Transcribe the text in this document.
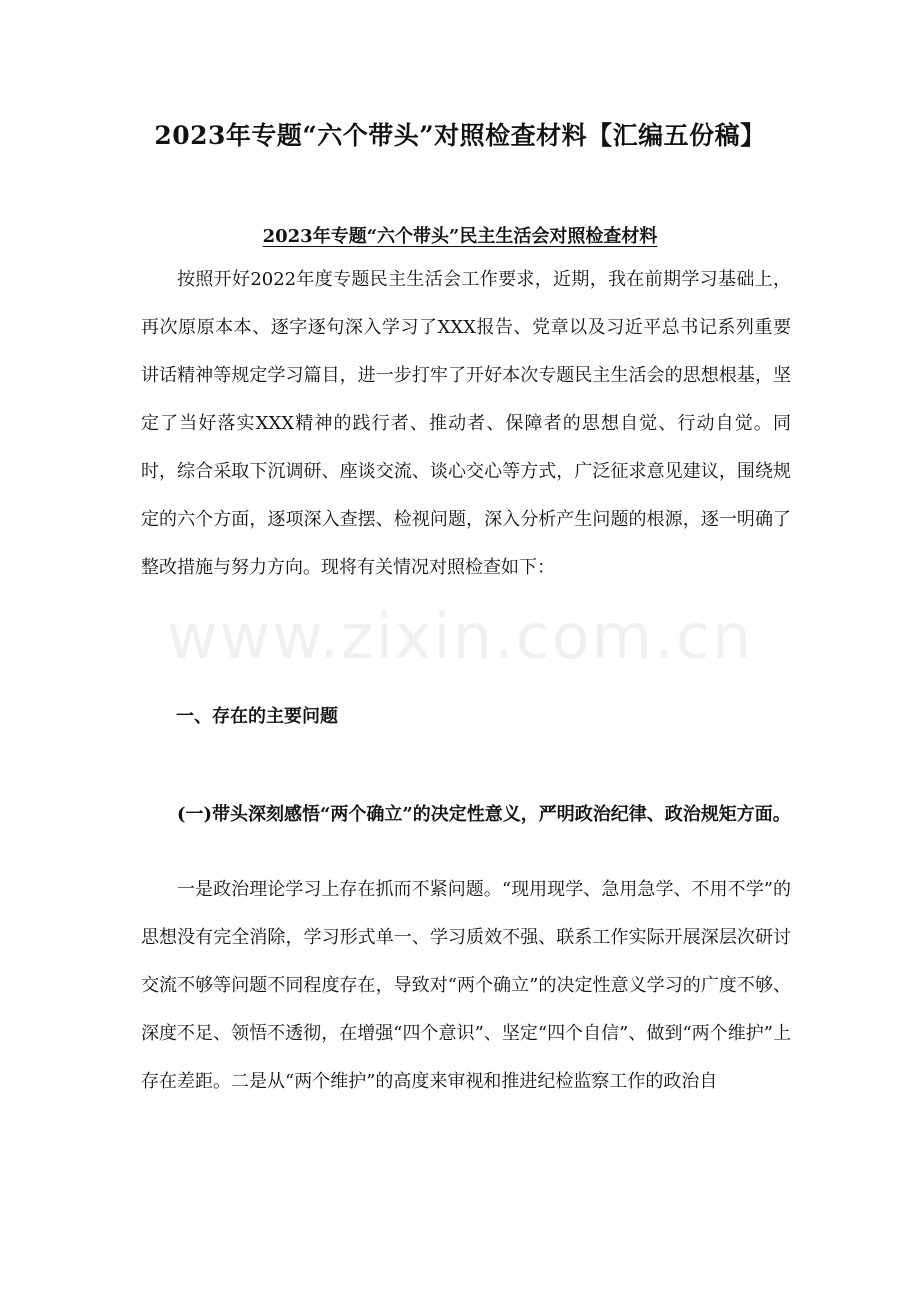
2023年专题“六个带头”对照检查材料【汇编五份稿】
2023年专题“六个带头”民主生活会对照检查材料
按照开好2022年度专题民主生活会工作要求，近期，我在前期学习基础上，再次原原本本、逐字逐句深入学习了XXX报告、党章以及习近平总书记系列重要讲话精神等规定学习篇目，进一步打牢了开好本次专题民主生活会的思想根基，坚定了当好落实XXX精神的践行者、推动者、保障者的思想自觉、行动自觉。同时，综合采取下沉调研、座谈交流、谈心交心等方式，广泛征求意见建议，围绕规定的六个方面，逐项深入查摆、检视问题，深入分析产生问题的根源，逐一明确了整改措施与努力方向。现将有关情况对照检查如下：
www.zixin.com.cn
一、存在的主要问题
(一)带头深刻感悟“两个确立”的决定性意义，严明政治纪律、政治规矩方面。
一是政治理论学习上存在抓而不紧问题。“现用现学、急用急学、不用不学”的思想没有完全消除，学习形式单一、学习质效不强、联系工作实际开展深层次研讨交流不够等问题不同程度存在，导致对“两个确立”的决定性意义学习的广度不够、深度不足、领悟不透彻，在增强“四个意识”、坚定“四个自信”、做到“两个维护”上存在差距。二是从“两个维护”的高度来审视和推进纪检监察工作的政治自
